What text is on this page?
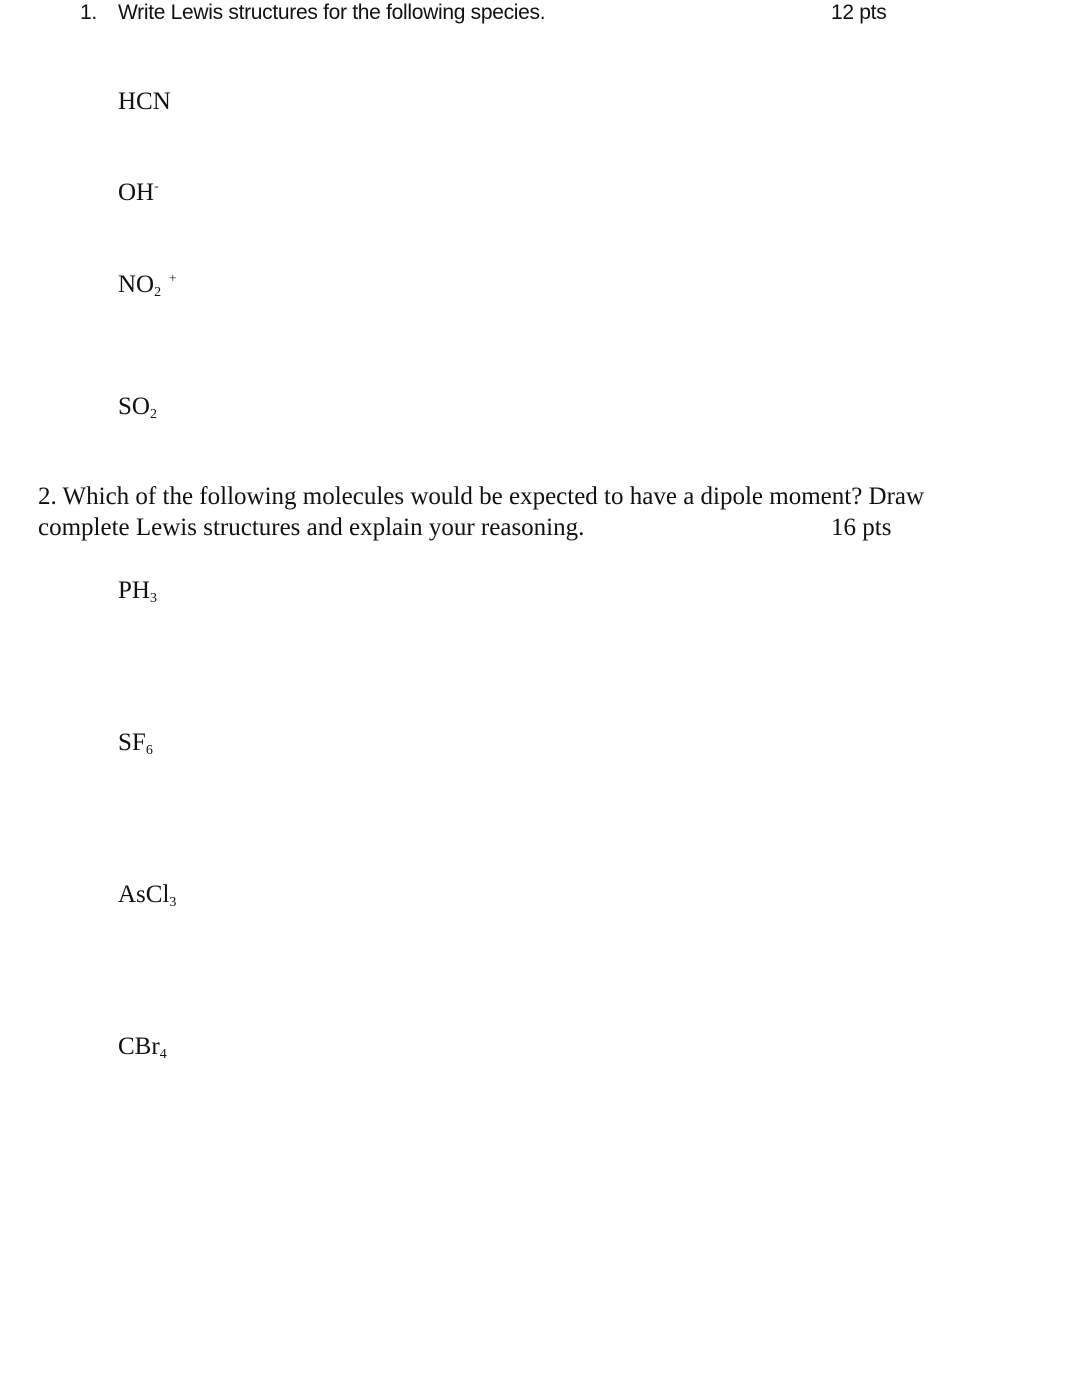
1. Write Lewis structures for the following species.	12 pts
HCN
OH-
$NO_2^+$
$SO_2$
2. Which of the following molecules would be expected to have a dipole moment? Draw
complete Lewis structures and explain your reasoning.	16 pts
$PH_3$
$SF_6$
AsCl$_3$
CBr$_4$
